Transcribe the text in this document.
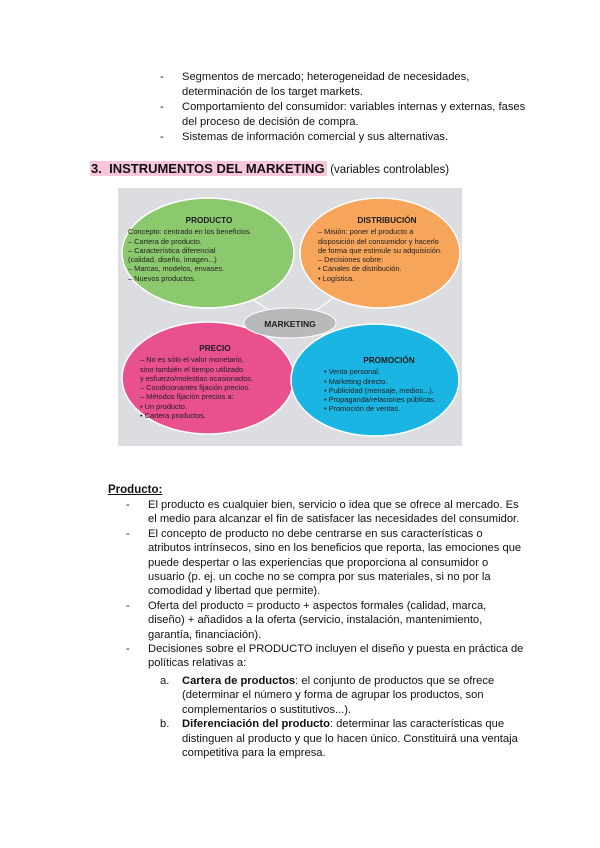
- Segmentos de mercado; heterogeneidad de necesidades, determinación de los target markets.
- Comportamiento del consumidor: variables internas y externas, fases del proceso de decisión de compra.
- Sistemas de información comercial y sus alternativas.
3. INSTRUMENTOS DEL MARKETING (variables controlables)
MARKETING
PRODUCTO
Concepto: centrado en los beneficios.
– Cartera de producto.
– Característica diferencial
(calidad, diseño, imagen...)
– Marcas, modelos, envases.
– Nuevos productos.
DISTRIBUCIÓN
– Misión: poner el producto a
disposición del consumidor y hacerlo
de forma que estimule su adquisición.
– Decisiones sobre:
• Canales de distribución.
• Logística.
PRECIO
– No es sólo el valor monetario,
sino también el tiempo utilizado
y esfuerzo/molestias ocasionados.
– Condicionantes fijación precios.
– Métodos fijación precios a:
• Un producto.
• Cartera productos.
PROMOCIÓN
• Venta personal.
• Marketing directo.
• Publicidad (mensaje, medios...).
• Propaganda/relaciones públicas.
• Promoción de ventas.
Producto:
- El producto es cualquier bien, servicio o idea que se ofrece al mercado. Es el medio para alcanzar el fin de satisfacer las necesidades del consumidor.
- El concepto de producto no debe centrarse en sus características o atributos intrínsecos, sino en los beneficios que reporta, las emociones que puede despertar o las experiencias que proporciona al consumidor o usuario (p. ej. un coche no se compra por sus materiales, si no por la comodidad y libertad que permite).
- Oferta del producto = producto + aspectos formales (calidad, marca, diseño) + añadidos a la oferta (servicio, instalación, mantenimiento, garantía, financiación).
- Decisiones sobre el PRODUCTO incluyen el diseño y puesta en práctica de políticas relativas a:
a. Cartera de productos: el conjunto de productos que se ofrece (determinar el número y forma de agrupar los productos, son complementarios o sustitutivos...).
b. Diferenciación del producto: determinar las características que distinguen al producto y que lo hacen único. Constituirá una ventaja competitiva para la empresa.
